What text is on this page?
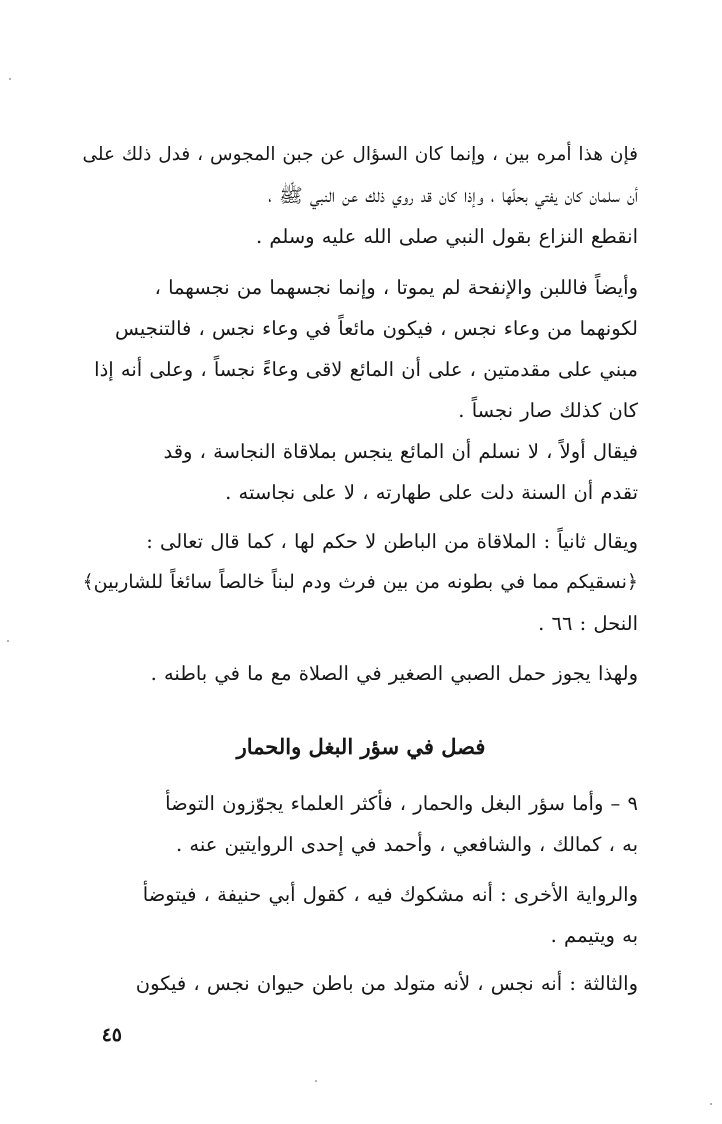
فإن هذا أمره بين ، وإنما كان السؤال عن جبن المجوس ، فدل ذلك على
أن سلمان كان يفتي بحلّها ، وإذا كان قد روي ذلك عن النبي ﷺ ،
انقطع النزاع بقول النبي صلى الله عليه وسلم .
وأيضاً فاللبن والإنفحة لم يموتا ، وإنما نجسهما من نجسهما ،
لكونهما من وعاء نجس ، فيكون مائعاً في وعاء نجس ، فالتنجيس
مبني على مقدمتين ، على أن المائع لاقى وعاءً نجساً ، وعلى أنه إذا
كان كذلك صار نجساً .
فيقال أولاً ، لا نسلم أن المائع ينجس بملاقاة النجاسة ، وقد
تقدم أن السنة دلت على طهارته ، لا على نجاسته .
ويقال ثانياً : الملاقاة من الباطن لا حكم لها ، كما قال تعالى :
﴿نسقيكم مما في بطونه من بين فرث ودم لبناً خالصاً سائغاً للشاربين﴾
النحل : ٦٦ .
ولهذا يجوز حمل الصبي الصغير في الصلاة مع ما في باطنه .
فصل في سؤر البغل والحمار
٩ – وأما سؤر البغل والحمار ، فأكثر العلماء يجوّزون التوضأ
به ، كمالك ، والشافعي ، وأحمد في إحدى الروايتين عنه .
والرواية الأخرى : أنه مشكوك فيه ، كقول أبي حنيفة ، فيتوضأ
به ويتيمم .
والثالثة : أنه نجس ، لأنه متولد من باطن حيوان نجس ، فيكون
٤٥
